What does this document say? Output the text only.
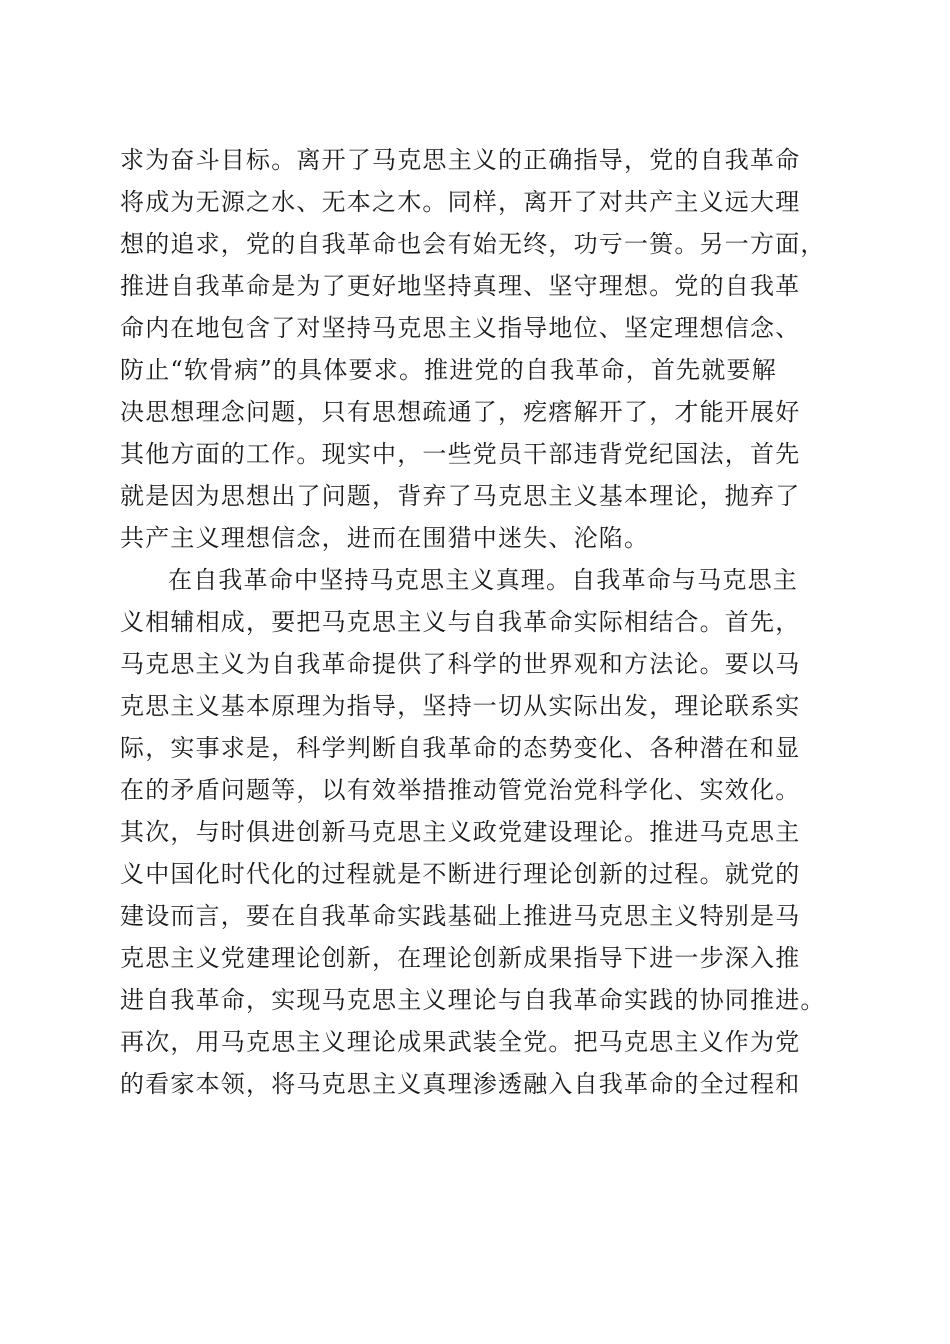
求为奋斗目标。离开了马克思主义的正确指导，党的自我革命
将成为无源之水、无本之木。同样，离开了对共产主义远大理
想的追求，党的自我革命也会有始无终，功亏一篑。另一方面，
推进自我革命是为了更好地坚持真理、坚守理想。党的自我革
命内在地包含了对坚持马克思主义指导地位、坚定理想信念、
防止“软骨病”的具体要求。推进党的自我革命，首先就要解
决思想理念问题，只有思想疏通了，疙瘩解开了，才能开展好
其他方面的工作。现实中，一些党员干部违背党纪国法，首先
就是因为思想出了问题，背弃了马克思主义基本理论，抛弃了
共产主义理想信念，进而在围猎中迷失、沦陷。
在自我革命中坚持马克思主义真理。自我革命与马克思主
义相辅相成，要把马克思主义与自我革命实际相结合。首先，
马克思主义为自我革命提供了科学的世界观和方法论。要以马
克思主义基本原理为指导，坚持一切从实际出发，理论联系实
际，实事求是，科学判断自我革命的态势变化、各种潜在和显
在的矛盾问题等，以有效举措推动管党治党科学化、实效化。
其次，与时俱进创新马克思主义政党建设理论。推进马克思主
义中国化时代化的过程就是不断进行理论创新的过程。就党的
建设而言，要在自我革命实践基础上推进马克思主义特别是马
克思主义党建理论创新，在理论创新成果指导下进一步深入推
进自我革命，实现马克思主义理论与自我革命实践的协同推进。
再次，用马克思主义理论成果武装全党。把马克思主义作为党
的看家本领，将马克思主义真理渗透融入自我革命的全过程和
